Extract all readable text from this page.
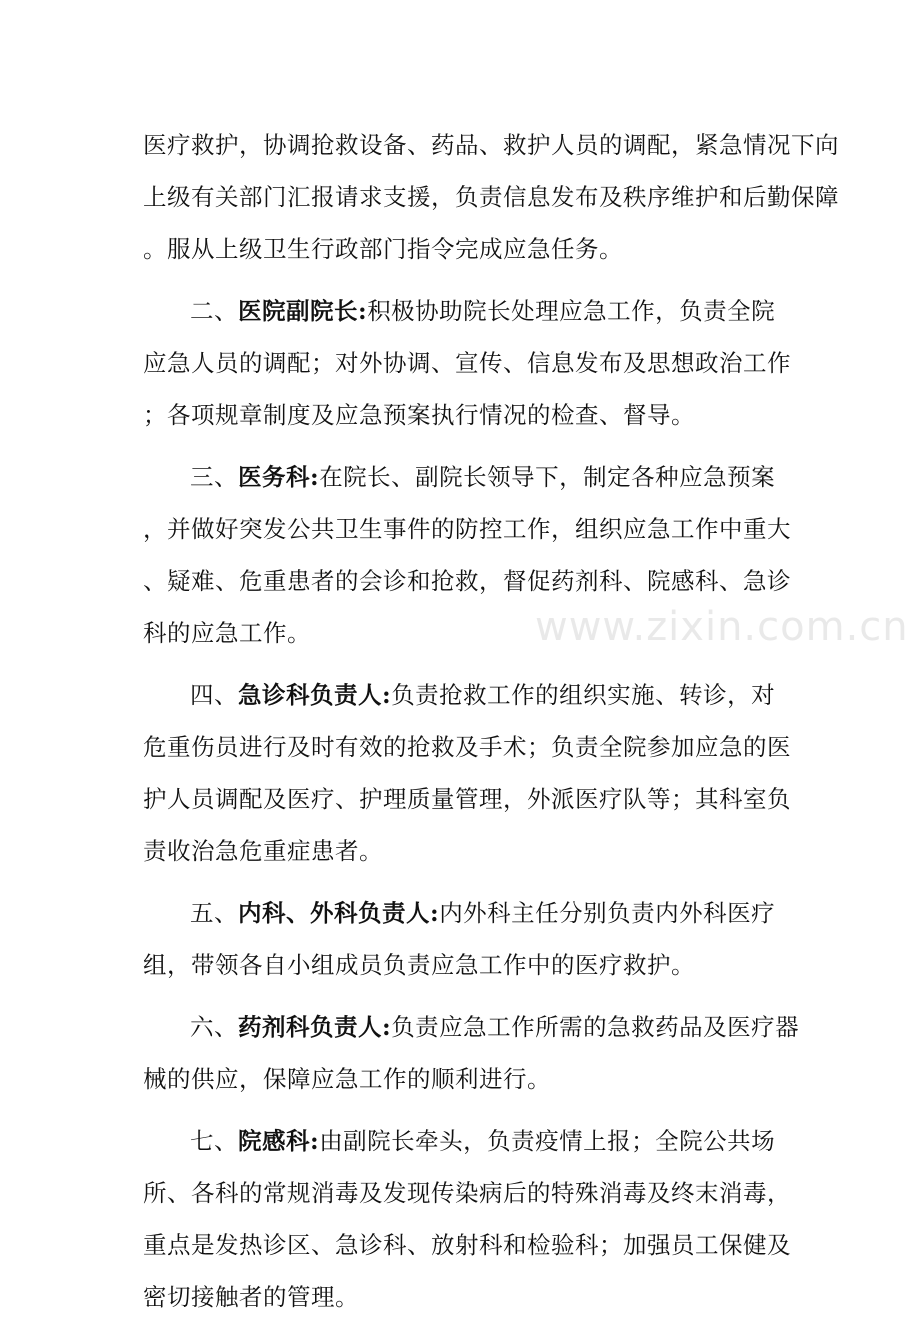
www.zixin.com.cn
医疗救护，协调抢救设备、药品、救护人员的调配，紧急情况下向
上级有关部门汇报请求支援，负责信息发布及秩序维护和后勤保障
。服从上级卫生行政部门指令完成应急任务。
二、医院副院长:积极协助院长处理应急工作，负责全院
应急人员的调配；对外协调、宣传、信息发布及思想政治工作
；各项规章制度及应急预案执行情况的检查、督导。
三、医务科:在院长、副院长领导下，制定各种应急预案
，并做好突发公共卫生事件的防控工作，组织应急工作中重大
、疑难、危重患者的会诊和抢救，督促药剂科、院感科、急诊
科的应急工作。
四、急诊科负责人:负责抢救工作的组织实施、转诊，对
危重伤员进行及时有效的抢救及手术；负责全院参加应急的医
护人员调配及医疗、护理质量管理，外派医疗队等；其科室负
责收治急危重症患者。
五、内科、外科负责人:内外科主任分别负责内外科医疗
组，带领各自小组成员负责应急工作中的医疗救护。
六、药剂科负责人:负责应急工作所需的急救药品及医疗器
械的供应，保障应急工作的顺利进行。
七、院感科:由副院长牵头，负责疫情上报；全院公共场
所、各科的常规消毒及发现传染病后的特殊消毒及终末消毒，
重点是发热诊区、急诊科、放射科和检验科；加强员工保健及
密切接触者的管理。
